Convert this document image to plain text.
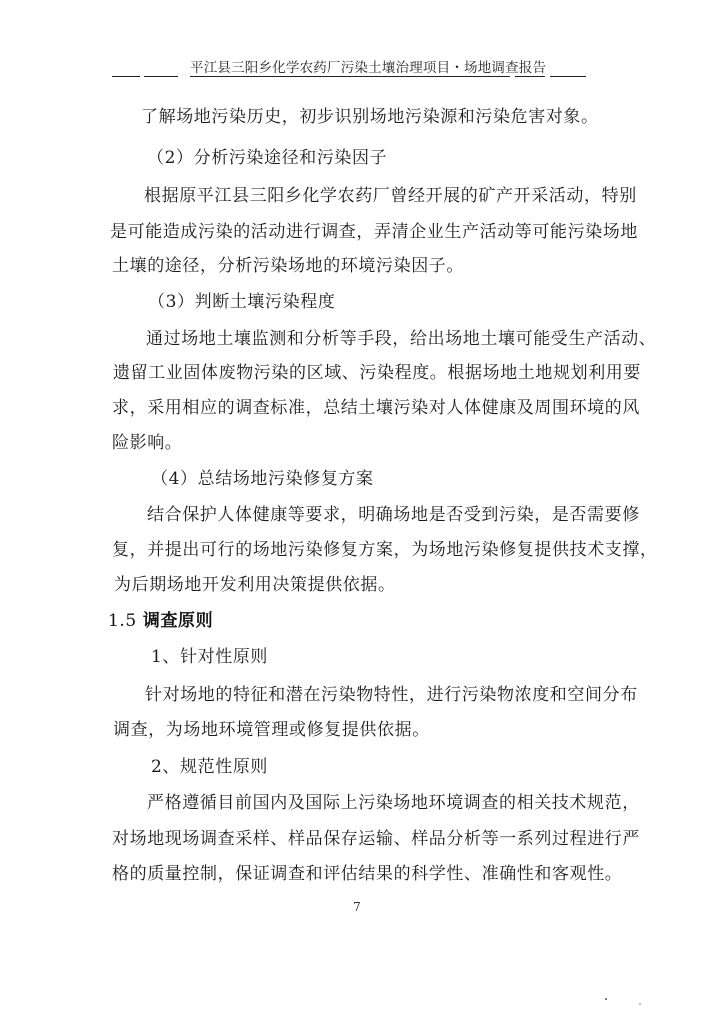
平江县三阳乡化学农药厂污染土壤治理项目・场地调查报告
了解场地污染历史，初步识别场地污染源和污染危害对象。
（2）分析污染途径和污染因子
根据原平江县三阳乡化学农药厂曾经开展的矿产开采活动，特别
是可能造成污染的活动进行调查，弄清企业生产活动等可能污染场地
土壤的途径，分析污染场地的环境污染因子。
（3）判断土壤污染程度
通过场地土壤监测和分析等手段，给出场地土壤可能受生产活动、
遗留工业固体废物污染的区域、污染程度。根据场地土地规划利用要
求，采用相应的调查标准，总结土壤污染对人体健康及周围环境的风
险影响。
（4）总结场地污染修复方案
结合保护人体健康等要求，明确场地是否受到污染，是否需要修
复，并提出可行的场地污染修复方案，为场地污染修复提供技术支撑，
为后期场地开发利用决策提供依据。
1.5 调查原则
1、针对性原则
针对场地的特征和潜在污染物特性，进行污染物浓度和空间分布
调查，为场地环境管理或修复提供依据。
2、规范性原则
严格遵循目前国内及国际上污染场地环境调查的相关技术规范，
对场地现场调查采样、样品保存运输、样品分析等一系列过程进行严
格的质量控制，保证调查和评估结果的科学性、准确性和客观性。
7
